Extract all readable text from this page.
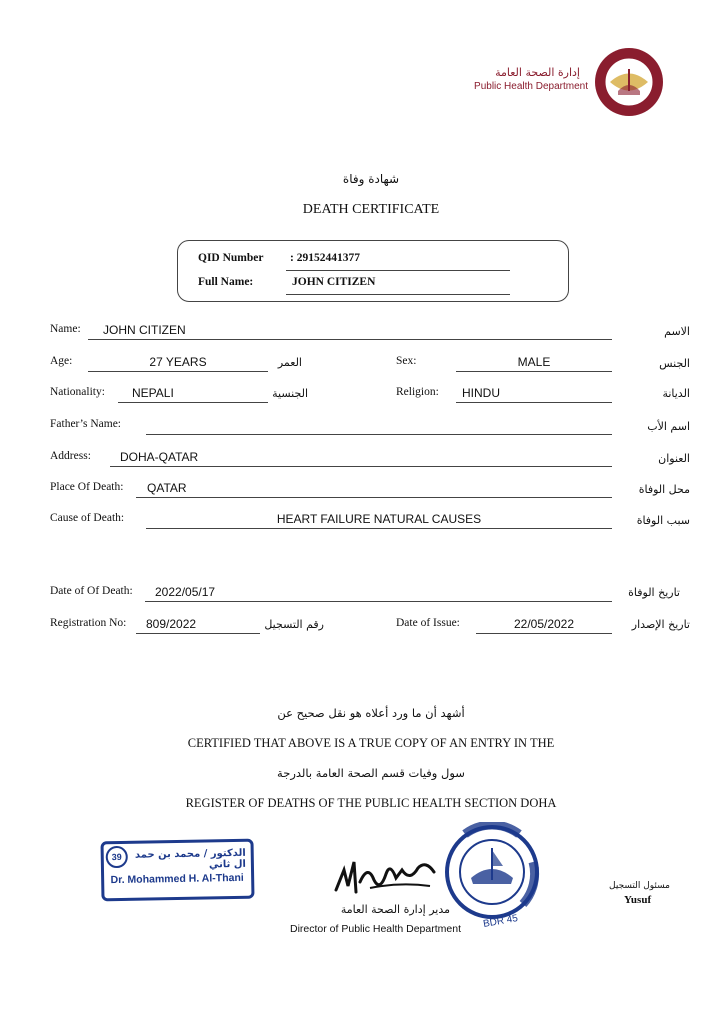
إدارة الصحة العامة
Public Health Department
شهادة وفاة
DEATH CERTIFICATE
QID Number : 29152441377
Full Name:	JOHN CITIZEN
Name: JOHN CITIZEN	الاسم
Age:	27 YEARS	العمر	Sex:	MALE	الجنس
Nationality: NEPALI	الجنسية	Religion: HINDU	الديانة
Father’s Name:	اسم الأب
Address: DOHA-QATAR	العنوان
Place Of Death: QATAR	محل الوفاة
Cause of Death:	HEART FAILURE NATURAL CAUSES	سبب الوفاة
Date of Of Death: 2022/05/17	تاريخ الوفاة
Registration No: 809/2022	رقم التسجيل	Date of Issue:	22/05/2022	تاريخ الإصدار
أشهد أن ما ورد أعلاه هو نقل صحيح عن
CERTIFIED THAT ABOVE IS A TRUE COPY OF AN ENTRY IN THE
سول وفيات قسم الصحة العامة بالدرجة
REGISTER OF DEATHS OF THE PUBLIC HEALTH SECTION DOHA
39	الدكتور / محمد بن حمد ال ثاني
Dr. Mohammed H. Al-Thani
مدير إدارة الصحة العامة
Director of Public Health Department BDR 45
مسئول التسجيل
Yusuf
